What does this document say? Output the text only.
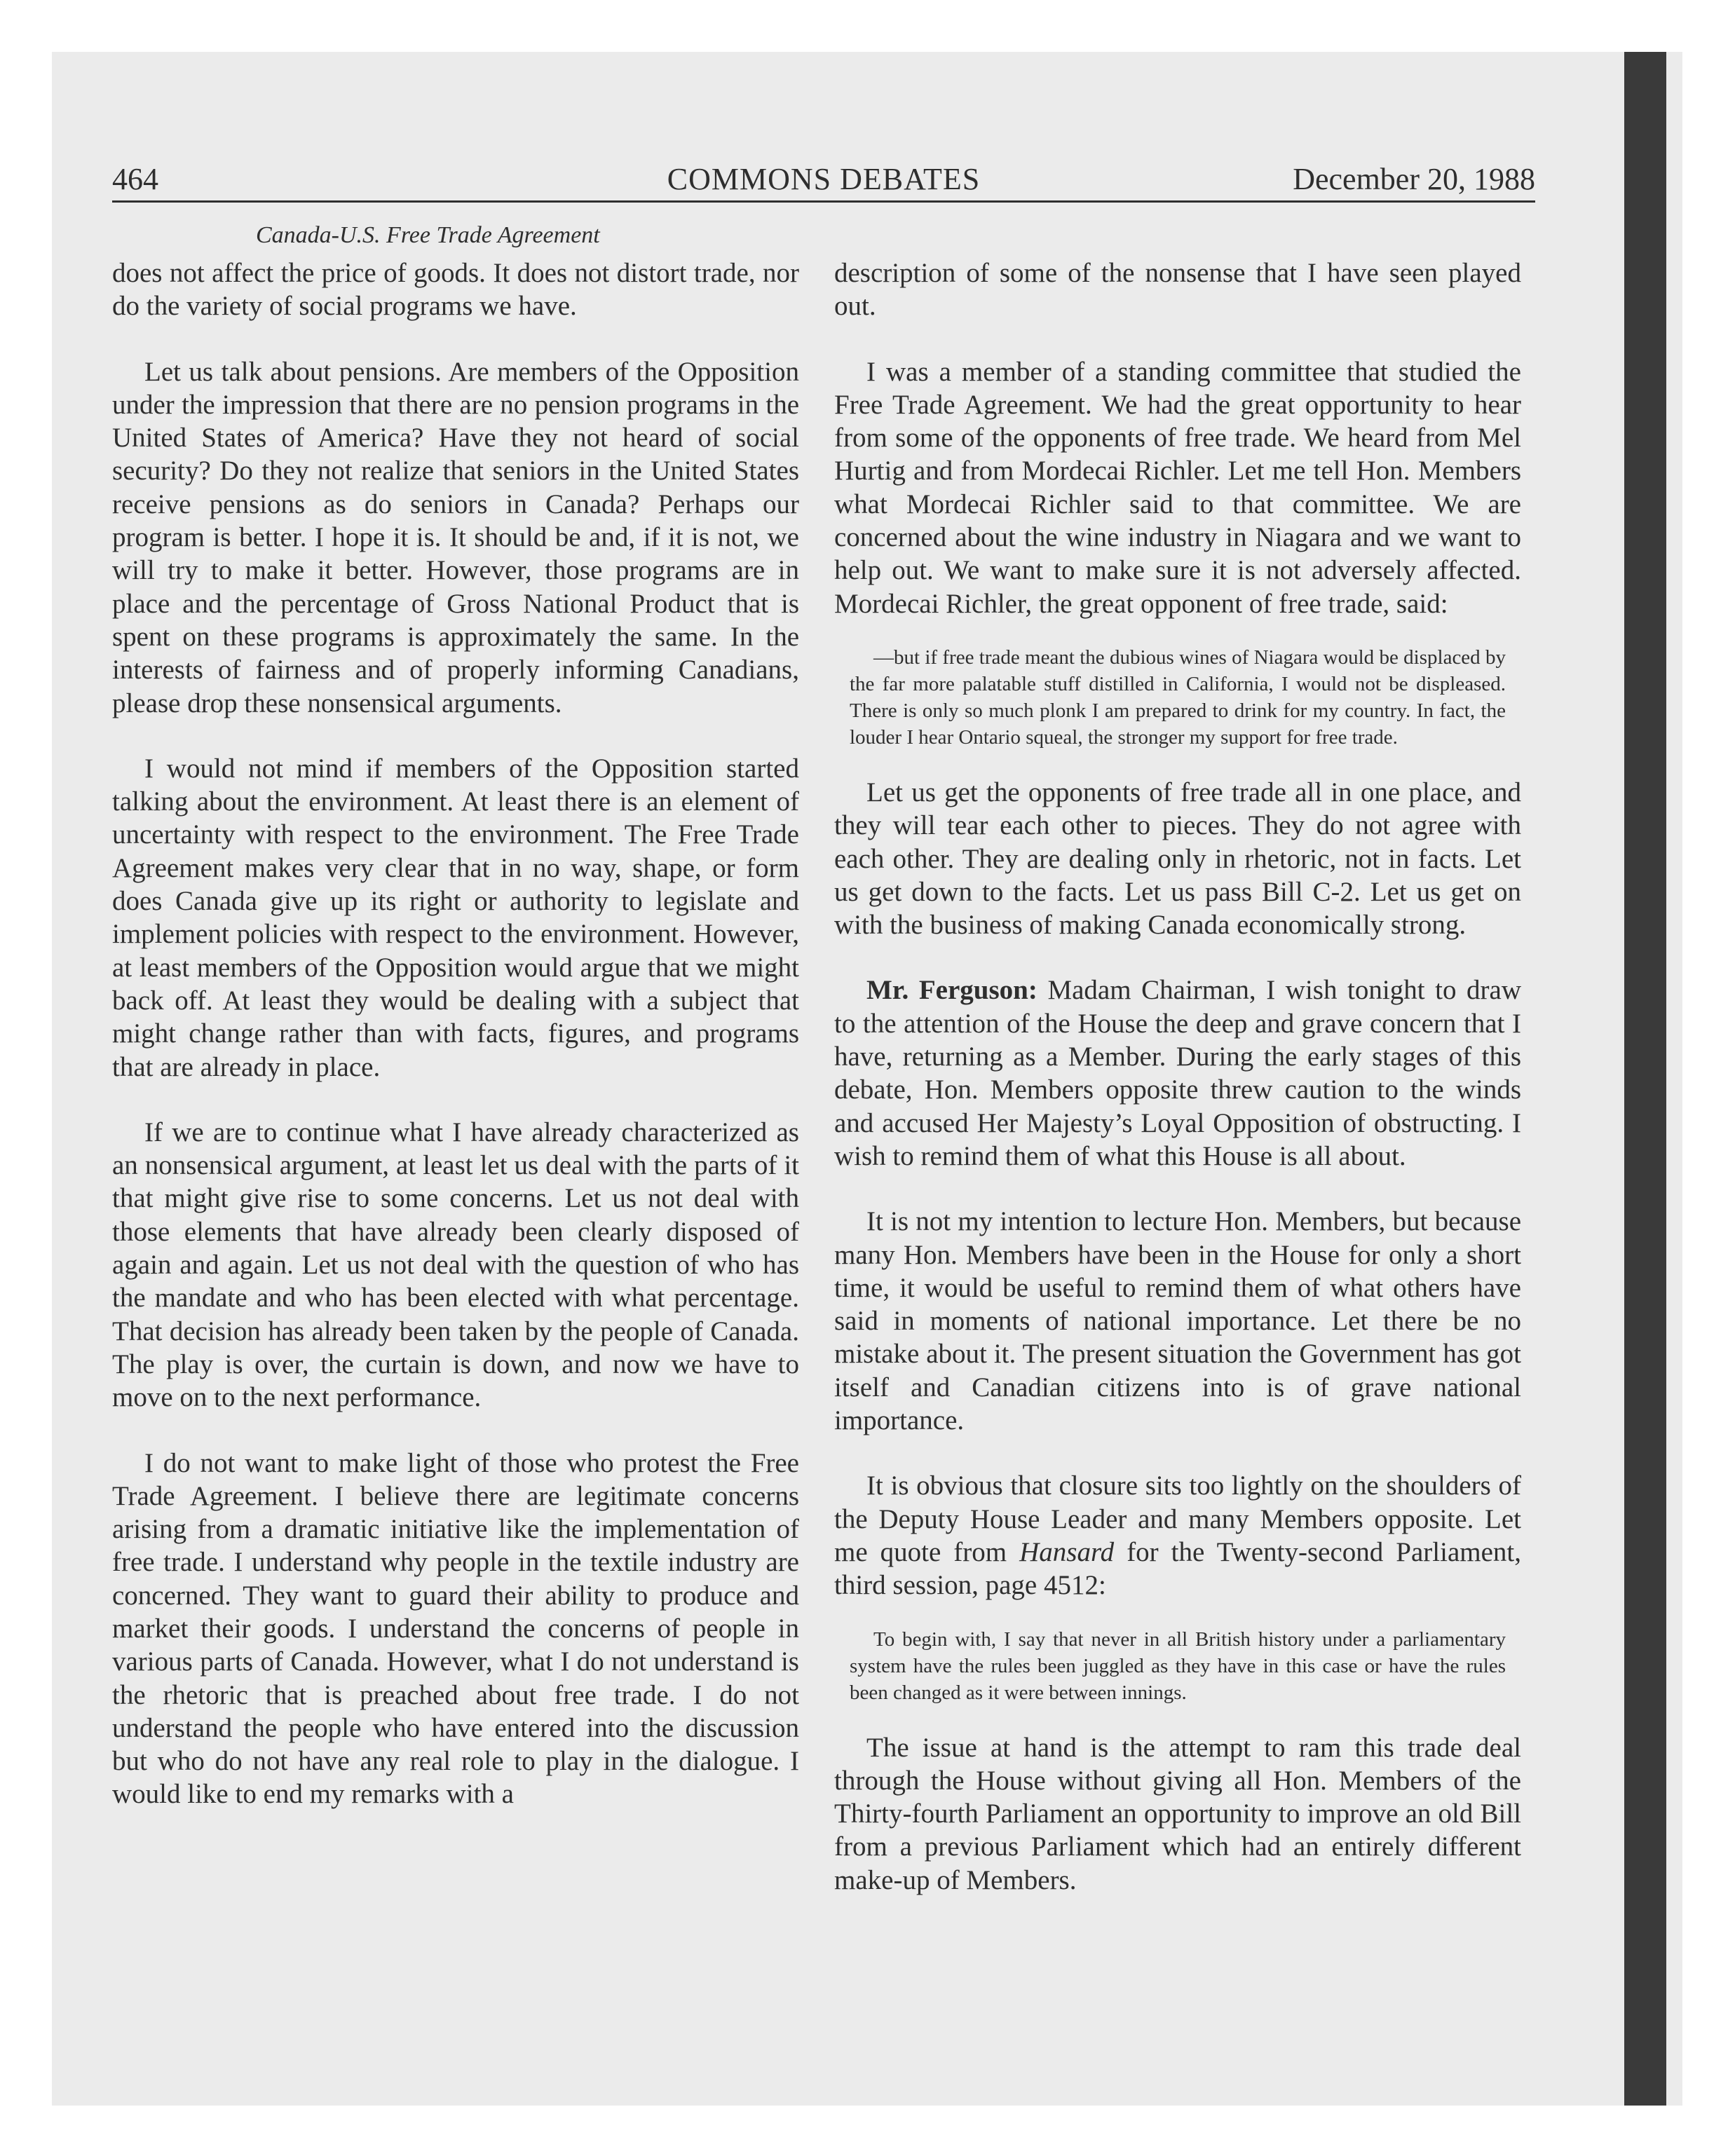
464	COMMONS DEBATES	December 20, 1988
Canada-U.S. Free Trade Agreement

does not affect the price of goods. It does not distort trade, nor do the variety of social programs we have.

Let us talk about pensions. Are members of the Opposition under the impression that there are no pension programs in the United States of America? Have they not heard of social security? Do they not realize that seniors in the United States receive pensions as do seniors in Canada? Perhaps our program is better. I hope it is. It should be and, if it is not, we will try to make it better. However, those programs are in place and the percentage of Gross National Product that is spent on these programs is approximately the same. In the interests of fairness and of properly informing Canadians, please drop these nonsensical arguments.

I would not mind if members of the Opposition started talking about the environment. At least there is an element of uncertainty with respect to the environment. The Free Trade Agreement makes very clear that in no way, shape, or form does Canada give up its right or authority to legislate and implement policies with respect to the environment. However, at least members of the Opposition would argue that we might back off. At least they would be dealing with a subject that might change rather than with facts, figures, and programs that are already in place.

If we are to continue what I have already characterized as an nonsensical argument, at least let us deal with the parts of it that might give rise to some concerns. Let us not deal with those elements that have already been clearly disposed of again and again. Let us not deal with the question of who has the mandate and who has been elected with what percentage. That decision has already been taken by the people of Canada. The play is over, the curtain is down, and now we have to move on to the next performance.

I do not want to make light of those who protest the Free Trade Agreement. I believe there are legitimate concerns arising from a dramatic initiative like the implementation of free trade. I understand why people in the textile industry are concerned. They want to guard their ability to produce and market their goods. I understand the concerns of people in various parts of Canada. However, what I do not understand is the rhetoric that is preached about free trade. I do not understand the people who have entered into the discussion but who do not have any real role to play in the dialogue. I would like to end my remarks with a

description of some of the nonsense that I have seen played out.

I was a member of a standing committee that studied the Free Trade Agreement. We had the great opportunity to hear from some of the opponents of free trade. We heard from Mel Hurtig and from Mordecai Richler. Let me tell Hon. Members what Mordecai Richler said to that committee. We are concerned about the wine industry in Niagara and we want to help out. We want to make sure it is not adversely affected. Mordecai Richler, the great opponent of free trade, said:

—but if free trade meant the dubious wines of Niagara would be displaced by the far more palatable stuff distilled in California, I would not be displeased. There is only so much plonk I am prepared to drink for my country. In fact, the louder I hear Ontario squeal, the stronger my support for free trade.

Let us get the opponents of free trade all in one place, and they will tear each other to pieces. They do not agree with each other. They are dealing only in rhetoric, not in facts. Let us get down to the facts. Let us pass Bill C-2. Let us get on with the business of making Canada economically strong.

Mr. Ferguson: Madam Chairman, I wish tonight to draw to the attention of the House the deep and grave concern that I have, returning as a Member. During the early stages of this debate, Hon. Members opposite threw caution to the winds and accused Her Majesty’s Loyal Opposition of obstructing. I wish to remind them of what this House is all about.

It is not my intention to lecture Hon. Members, but because many Hon. Members have been in the House for only a short time, it would be useful to remind them of what others have said in moments of national importance. Let there be no mistake about it. The present situation the Government has got itself and Canadian citizens into is of grave national importance.

It is obvious that closure sits too lightly on the shoulders of the Deputy House Leader and many Members opposite. Let me quote from Hansard for the Twenty-second Parliament, third session, page 4512:

To begin with, I say that never in all British history under a parliamentary system have the rules been juggled as they have in this case or have the rules been changed as it were between innings.

The issue at hand is the attempt to ram this trade deal through the House without giving all Hon. Members of the Thirty-fourth Parliament an opportunity to improve an old Bill from a previous Parliament which had an entirely different make-up of Members.
